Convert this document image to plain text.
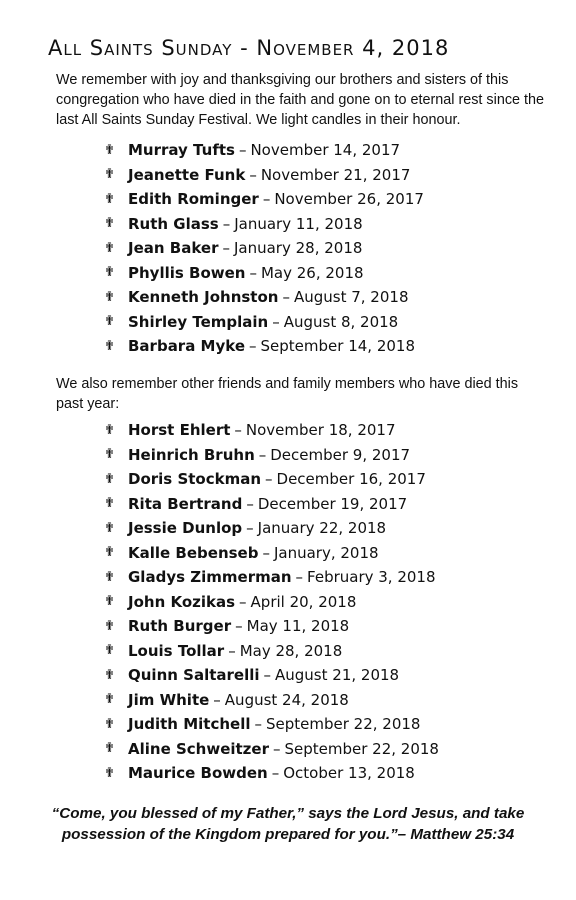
All Saints Sunday - November 4, 2018
We remember with joy and thanksgiving our brothers and sisters of this congregation who have died in the faith and gone on to eternal rest since the last All Saints Sunday Festival. We light candles in their honour.
✟ Murray Tufts – November 14, 2017
✟ Jeanette Funk – November 21, 2017
✟ Edith Rominger – November 26, 2017
✟ Ruth Glass – January 11, 2018
✟ Jean Baker – January 28, 2018
✟ Phyllis Bowen – May 26, 2018
✟ Kenneth Johnston – August 7, 2018
✟ Shirley Templain – August 8, 2018
✟ Barbara Myke – September 14, 2018
We also remember other friends and family members who have died this past year:
✟ Horst Ehlert – November 18, 2017
✟ Heinrich Bruhn – December 9, 2017
✟ Doris Stockman – December 16, 2017
✟ Rita Bertrand – December 19, 2017
✟ Jessie Dunlop – January 22, 2018
✟ Kalle Bebenseb – January, 2018
✟ Gladys Zimmerman – February 3, 2018
✟ John Kozikas – April 20, 2018
✟ Ruth Burger – May 11, 2018
✟ Louis Tollar – May 28, 2018
✟ Quinn Saltarelli – August 21, 2018
✟ Jim White – August 24, 2018
✟ Judith Mitchell – September 22, 2018
✟ Aline Schweitzer – September 22, 2018
✟ Maurice Bowden – October 13, 2018
“Come, you blessed of my Father,” says the Lord Jesus, and take possession of the Kingdom prepared for you.”– Matthew 25:34
